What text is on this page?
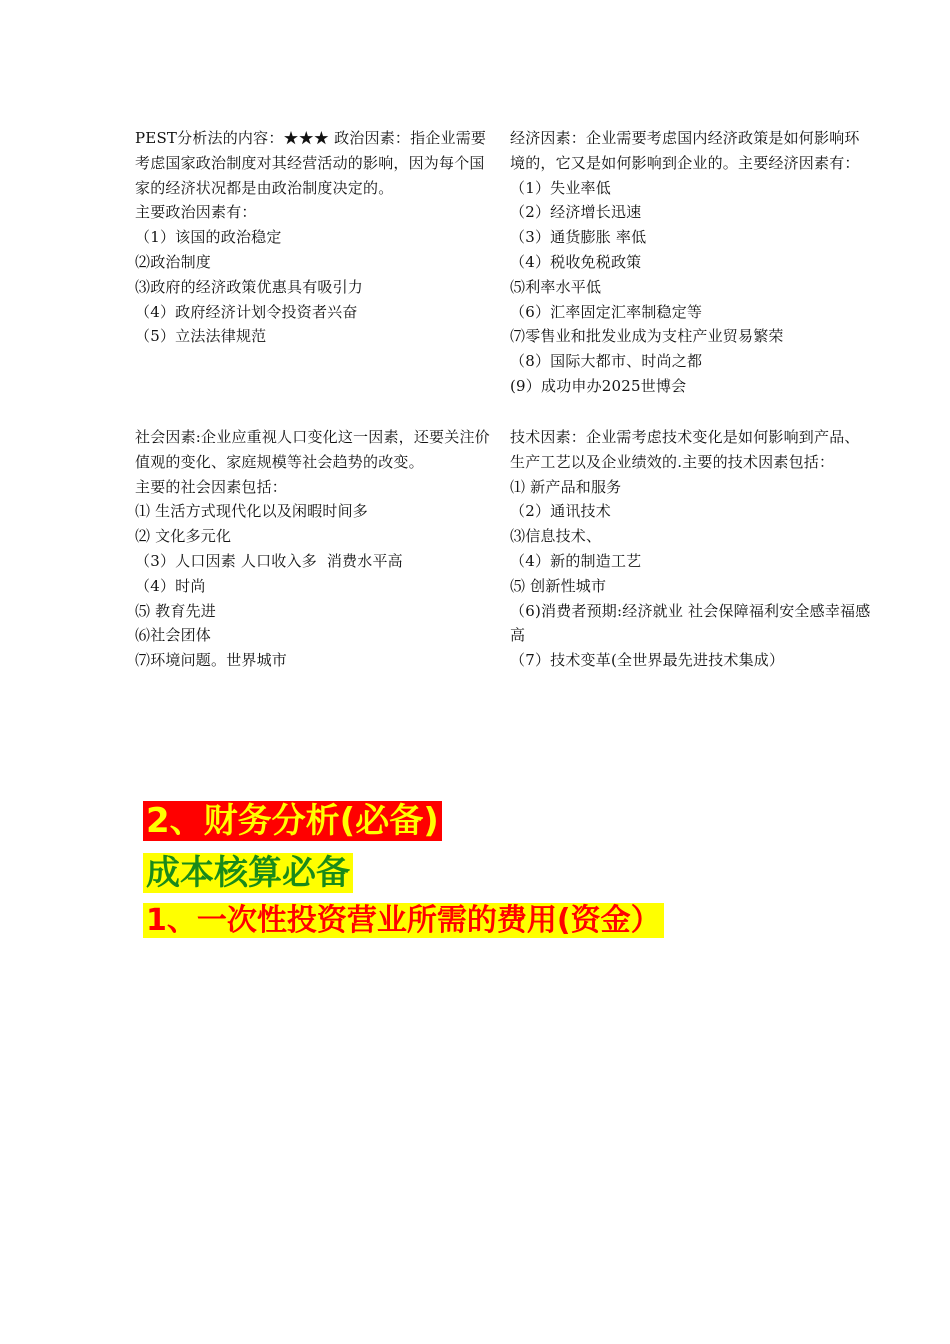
PEST分析法的内容：★★★ 政治因素：指企业需要考虑国家政治制度对其经营活动的影响，因为每个国家的经济状况都是由政治制度决定的。

主要政治因素有：

（1）该国的政治稳定

⑵政治制度

⑶政府的经济政策优惠具有吸引力

（4）政府经济计划令投资者兴奋

（5）立法法律规范

经济因素：企业需要考虑国内经济政策是如何影响环境的，它又是如何影响到企业的。主要经济因素有：

（1）失业率低

（2）经济增长迅速

（3）通货膨胀 率低

（4）税收免税政策

⑸利率水平低

（6）汇率固定汇率制稳定等

⑺零售业和批发业成为支柱产业贸易繁荣

（8）国际大都市、时尚之都

(9）成功申办2025世博会

社会因素:企业应重视人口变化这一因素，还要关注价值观的变化、家庭规模等社会趋势的改变。

主要的社会因素包括：

⑴ 生活方式现代化以及闲暇时间多

⑵ 文化多元化

（3）人口因素 人口收入多  消费水平高

（4）时尚

⑸ 教育先进

⑹社会团体

⑺环境问题。世界城市

技术因素：企业需考虑技术变化是如何影响到产品、生产工艺以及企业绩效的.主要的技术因素包括：

⑴ 新产品和服务

（2）通讯技术

⑶信息技术、

（4）新的制造工艺

⑸ 创新性城市

（6)消费者预期:经济就业 社会保障福利安全感幸福感高

（7）技术变革(全世界最先进技术集成）

2、财务分析(必备)
成本核算必备
1、一次性投资营业所需的费用(资金）
